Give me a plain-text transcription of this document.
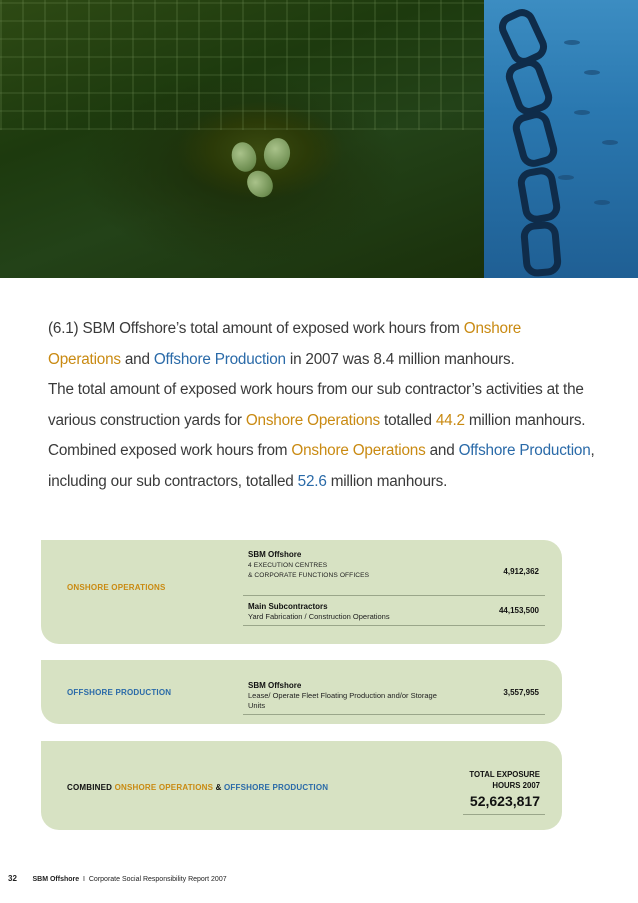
(6.1) SBM Offshore’s total amount of exposed work hours from Onshore Operations and Offshore Production in 2007 was 8.4 million manhours.

The total amount of exposed work hours from our sub contractor’s activities at the various construction yards for Onshore Operations totalled 44.2 million manhours.

Combined exposed work hours from Onshore Operations and Offshore Production, including our sub contractors, totalled 52.6 million manhours.

ONSHORE OPERATIONS
SBM Offshore
4 EXECUTION CENTRES
& CORPORATE FUNCTIONS OFFICES	4,912,362
Main Subcontractors
Yard Fabrication / Construction Operations
44,153,500
OFFSHORE PRODUCTION
SBM Offshore
Lease/ Operate Fleet Floating Production and/or Storage
Units
3,557,955
COMBINED ONSHORE OPERATIONS & OFFSHORE PRODUCTION
TOTAL EXPOSURE
HOURS 2007
52,623,817
32 SBM Offshore I Corporate Social Responsibility Report 2007
